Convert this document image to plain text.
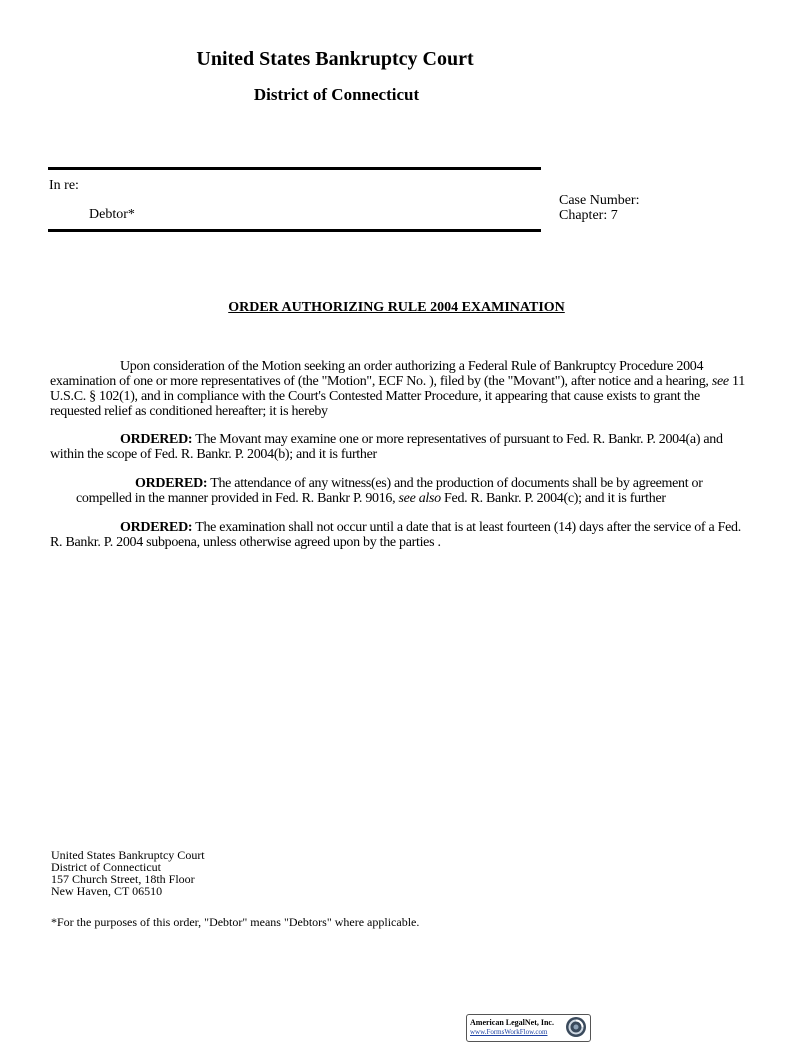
United States Bankruptcy Court
District of Connecticut
In re:
Debtor*
Case Number:
Chapter: 7
ORDER AUTHORIZING RULE 2004 EXAMINATION
Upon consideration of the Motion seeking an order authorizing a Federal Rule of Bankruptcy Procedure 2004 examination of one or more representatives of (the "Motion", ECF No. ), filed by (the "Movant"), after notice and a hearing, see 11 U.S.C. § 102(1), and in compliance with the Court's Contested Matter Procedure, it appearing that cause exists to grant the requested relief as conditioned hereafter; it is hereby
ORDERED: The Movant may examine one or more representatives of pursuant to Fed. R. Bankr. P. 2004(a) and within the scope of Fed. R. Bankr. P. 2004(b); and it is further
ORDERED: The attendance of any witness(es) and the production of documents shall be by agreement or compelled in the manner provided in Fed. R. Bankr P. 9016, see also Fed. R. Bankr. P. 2004(c); and it is further
ORDERED: The examination shall not occur until a date that is at least fourteen (14) days after the service of a Fed. R. Bankr. P. 2004 subpoena, unless otherwise agreed upon by the parties .
United States Bankruptcy Court
District of Connecticut
157 Church Street, 18th Floor
New Haven, CT 06510
*For the purposes of this order, "Debtor" means "Debtors" where applicable.
American LegalNet, Inc.
www.FormsWorkFlow.com
